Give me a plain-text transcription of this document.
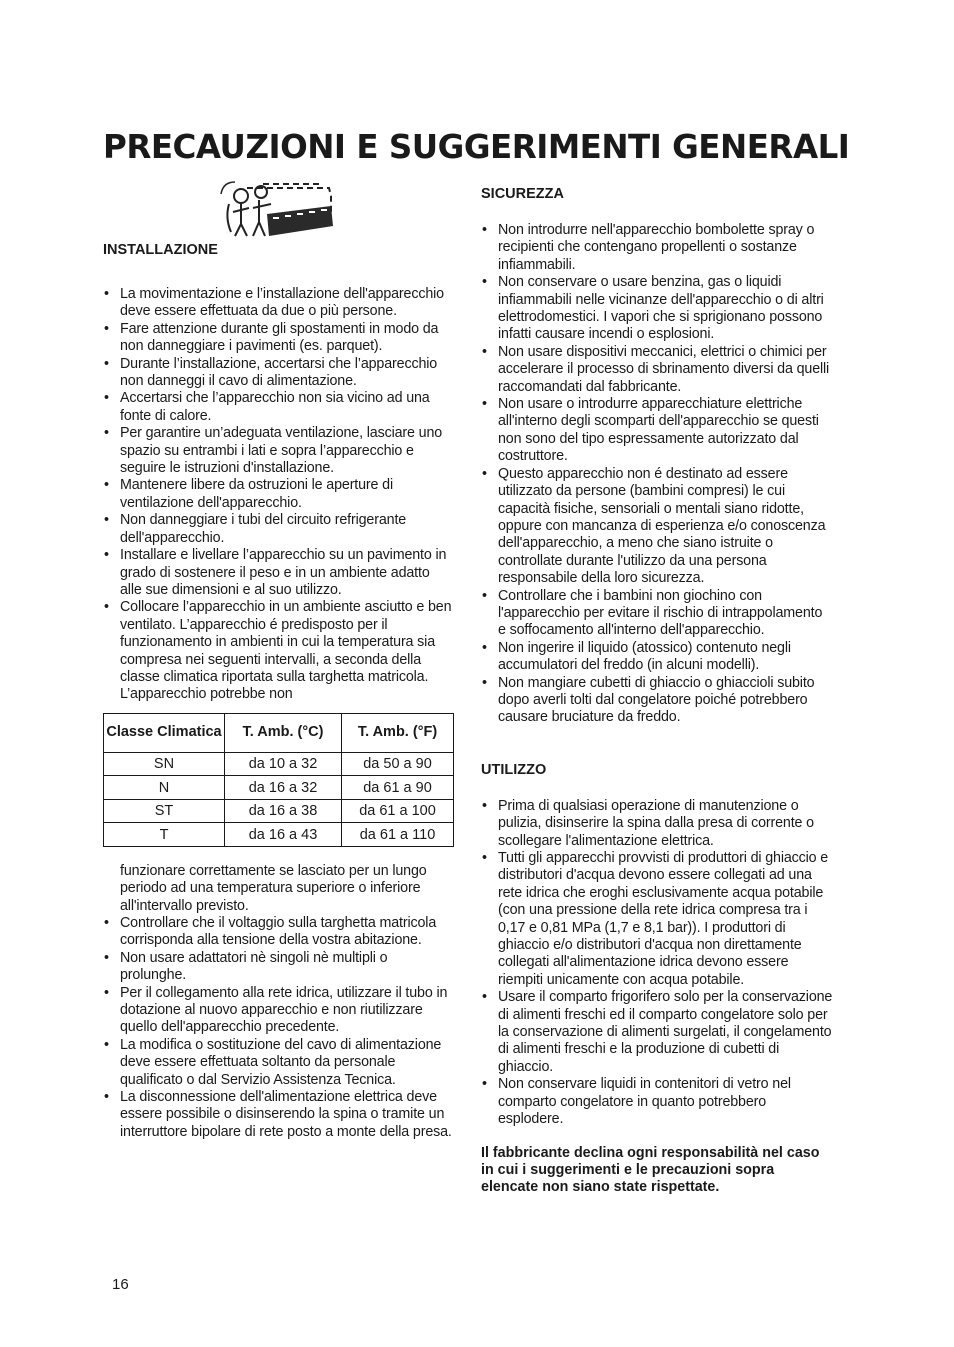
PRECAUZIONI E SUGGERIMENTI GENERALI
INSTALLAZIONE
• La movimentazione e l’installazione dell'apparecchio deve essere effettuata da due o più persone.
• Fare attenzione durante gli spostamenti in modo da non danneggiare i pavimenti (es. parquet).
• Durante l’installazione, accertarsi che l’apparecchio non danneggi il cavo di alimentazione.
• Accertarsi che l’apparecchio non sia vicino ad una fonte di calore.
• Per garantire un’adeguata ventilazione, lasciare uno spazio su entrambi i lati e sopra l’apparecchio e seguire le istruzioni d'installazione.
• Mantenere libere da ostruzioni le aperture di ventilazione dell'apparecchio.
• Non danneggiare i tubi del circuito refrigerante dell'apparecchio.
• Installare e livellare l’apparecchio su un pavimento in grado di sostenere il peso e in un ambiente adatto alle sue dimensioni e al suo utilizzo.
• Collocare l’apparecchio in un ambiente asciutto e ben ventilato. L’apparecchio é predisposto per il funzionamento in ambienti in cui la temperatura sia compresa nei seguenti intervalli, a seconda della classe climatica riportata sulla targhetta matricola. L’apparecchio potrebbe non
Classe Climatica	T. Amb. (°C)	T. Amb. (°F)
SN	da 10 a 32	da 50 a 90
N	da 16 a 32	da 61 a 90
ST	da 16 a 38	da 61 a 100
T	da 16 a 43	da 61 a 110

funzionare correttamente se lasciato per un lungo periodo ad una temperatura superiore o inferiore all'intervallo previsto.

• Controllare che il voltaggio sulla targhetta matricola corrisponda alla tensione della vostra abitazione.
• Non usare adattatori nè singoli nè multipli o prolunghe.
• Per il collegamento alla rete idrica, utilizzare il tubo in dotazione al nuovo apparecchio e non riutilizzare quello dell'apparecchio precedente.
• La modifica o sostituzione del cavo di alimentazione deve essere effettuata soltanto da personale qualificato o dal Servizio Assistenza Tecnica.
• La disconnessione dell'alimentazione elettrica deve essere possibile o disinserendo la spina o tramite un interruttore bipolare di rete posto a monte della presa.
SICUREZZA
• Non introdurre nell'apparecchio bombolette spray o recipienti che contengano propellenti o sostanze infiammabili.
• Non conservare o usare benzina, gas o liquidi infiammabili nelle vicinanze dell'apparecchio o di altri elettrodomestici. I vapori che si sprigionano possono infatti causare incendi o esplosioni.
• Non usare dispositivi meccanici, elettrici o chimici per accelerare il processo di sbrinamento diversi da quelli raccomandati dal fabbricante.
• Non usare o introdurre apparecchiature elettriche all'interno degli scomparti dell'apparecchio se questi non sono del tipo espressamente autorizzato dal costruttore.
• Questo apparecchio non é destinato ad essere utilizzato da persone (bambini compresi) le cui capacità fisiche, sensoriali o mentali siano ridotte, oppure con mancanza di esperienza e/o conoscenza dell'apparecchio, a meno che siano istruite o controllate durante l'utilizzo da una persona responsabile della loro sicurezza.
• Controllare che i bambini non giochino con l'apparecchio per evitare il rischio di intrappolamento e soffocamento all'interno dell'apparecchio.
• Non ingerire il liquido (atossico) contenuto negli accumulatori del freddo (in alcuni modelli).
• Non mangiare cubetti di ghiaccio o ghiaccioli subito dopo averli tolti dal congelatore poiché potrebbero causare bruciature da freddo.
UTILIZZO
• Prima di qualsiasi operazione di manutenzione o pulizia, disinserire la spina dalla presa di corrente o scollegare l'alimentazione elettrica.
• Tutti gli apparecchi provvisti di produttori di ghiaccio e distributori d'acqua devono essere collegati ad una rete idrica che eroghi esclusivamente acqua potabile (con una pressione della rete idrica compresa tra i 0,17 e 0,81 MPa (1,7 e 8,1 bar)). I produttori di ghiaccio e/o distributori d'acqua non direttamente collegati all'alimentazione idrica devono essere riempiti unicamente con acqua potabile.
• Usare il comparto frigorifero solo per la conservazione di alimenti freschi ed il comparto congelatore solo per la conservazione di alimenti surgelati, il congelamento di alimenti freschi e la produzione di cubetti di ghiaccio.
• Non conservare liquidi in contenitori di vetro nel comparto congelatore in quanto potrebbero esplodere.

Il fabbricante declina ogni responsabilità nel caso in cui i suggerimenti e le precauzioni sopra elencate non siano state rispettate.

16
